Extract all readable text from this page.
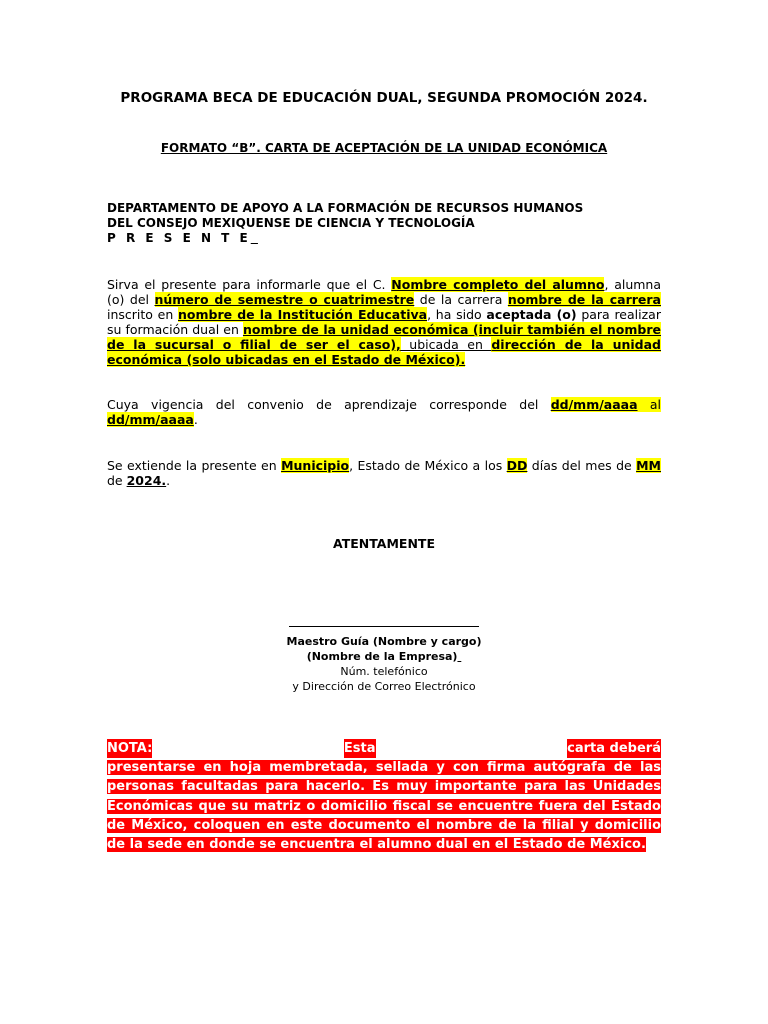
PROGRAMA BECA DE EDUCACIÓN DUAL, SEGUNDA PROMOCIÓN 2024.
FORMATO “B”. CARTA DE ACEPTACIÓN DE LA UNIDAD ECONÓMICA
DEPARTAMENTO DE APOYO A LA FORMACIÓN DE RECURSOS HUMANOS
DEL CONSEJO MEXIQUENSE DE CIENCIA Y TECNOLOGÍA
P R E S E N T E
Sirva el presente para informarle que el C. Nombre completo del alumno, alumna (o) del número de semestre o cuatrimestre de la carrera nombre de la carrera inscrito en nombre de la Institución Educativa, ha sido aceptada (o) para realizar su formación dual en nombre de la unidad económica (incluir también el nombre de la sucursal o filial de ser el caso), ubicada en dirección de la unidad económica (solo ubicadas en el Estado de México).
Cuya vigencia del convenio de aprendizaje corresponde del dd/mm/aaaa al dd/mm/aaaa.
Se extiende la presente en Municipio, Estado de México a los DD días del mes de MM de 2024..
ATENTAMENTE
Maestro Guía (Nombre y cargo)
(Nombre de la Empresa)
Núm. telefónico
y Dirección de Correo Electrónico
NOTA:	Esta	carta deberá
presentarse en hoja membretada, sellada y con firma autógrafa de las personas facultadas para hacerlo. Es muy importante para las Unidades Económicas que su matriz o domicilio fiscal se encuentre fuera del Estado de México, coloquen en este documento el nombre de la filial y domicilio de la sede en donde se encuentra el alumno dual en el Estado de México.
